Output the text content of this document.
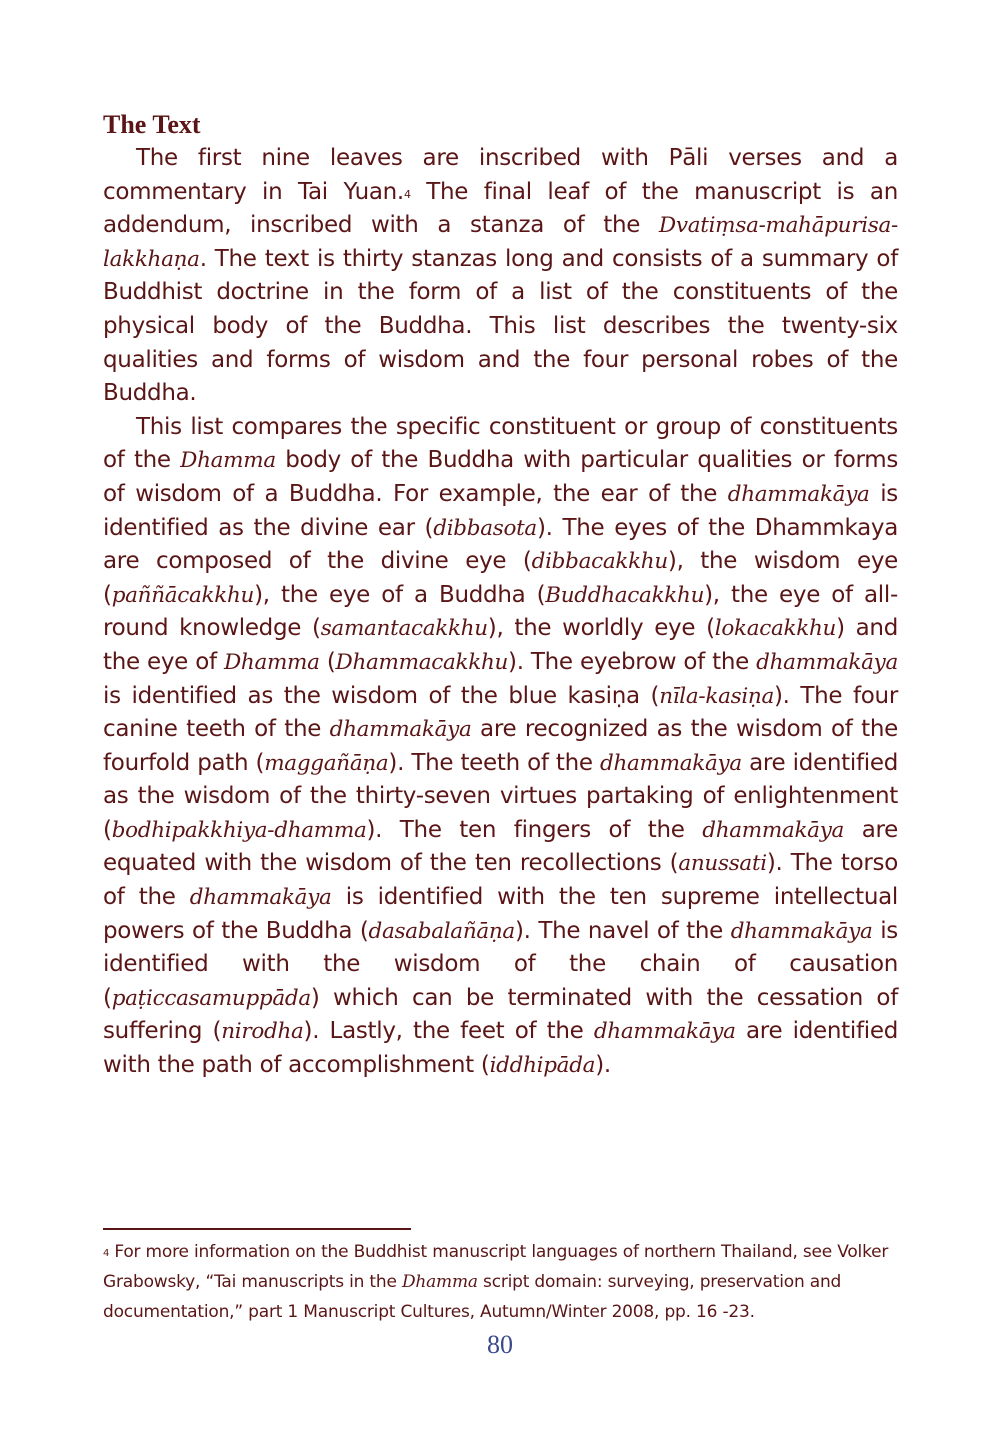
The Text

The first nine leaves are inscribed with Pāli verses and a commentary in Tai Yuan.$^4$ The final leaf of the manuscript is an addendum, inscribed with a stanza of the Dvatiṃsa-mahāpurisa-lakkhaṇa. The text is thirty stanzas long and consists of a summary of Buddhist doctrine in the form of a list of the constituents of the physical body of the Buddha. This list describes the twenty-six qualities and forms of wisdom and the four personal robes of the Buddha.

This list compares the specific constituent or group of constituents of the Dhamma body of the Buddha with particular qualities or forms of wisdom of a Buddha. For example, the ear of the dhammakāya is identified as the divine ear (dibbasota). The eyes of the Dhammkaya are composed of the divine eye (dibbacakkhu), the wisdom eye (paññācakkhu), the eye of a Buddha (Buddhacakkhu), the eye of all-round knowledge (samantacakkhu), the worldly eye (lokacakkhu) and the eye of Dhamma (Dhammacakkhu). The eyebrow of the dhammakāya is identified as the wisdom of the blue kasiṇa (nīla-kasiṇa). The four canine teeth of the dhammakāya are recognized as the wisdom of the fourfold path (maggañāṇa). The teeth of the dhammakāya are identified as the wisdom of the thirty-seven virtues partaking of enlightenment (bodhipakkhiya-dhamma). The ten fingers of the dhammakāya are equated with the wisdom of the ten recollections (anussati). The torso of the dhammakāya is identified with the ten supreme intellectual powers of the Buddha (dasabalañāṇa). The navel of the dhammakāya is identified with the wisdom of the chain of causation (paṭiccasamuppāda) which can be terminated with the cessation of suffering (nirodha). Lastly, the feet of the dhammakāya are identified with the path of accomplishment (iddhipāda).

$^4$ For more information on the Buddhist manuscript languages of northern Thailand, see Volker Grabowsky, “Tai manuscripts in the Dhamma script domain: surveying, preservation and documentation,” part 1 Manuscript Cultures, Autumn/Winter 2008, pp. 16 -23.
80
